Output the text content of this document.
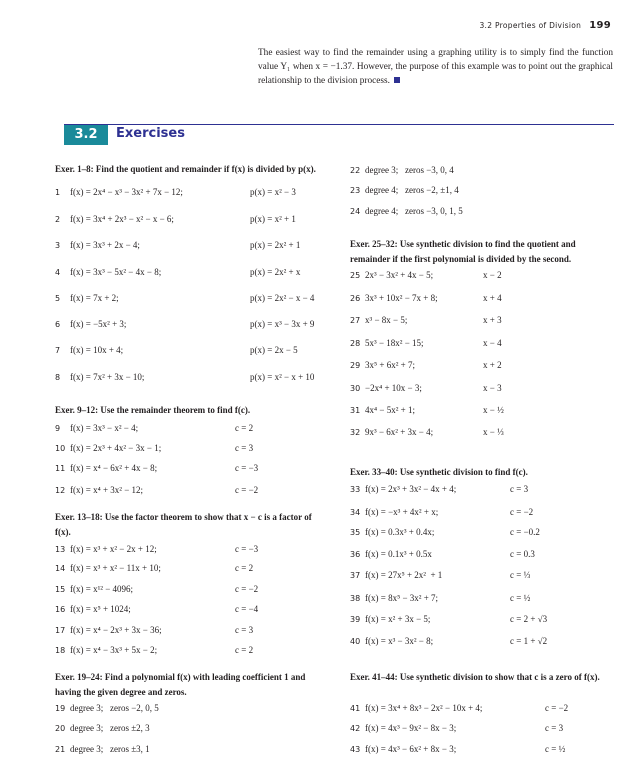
3.2 Properties of Division 199
The easiest way to find the remainder using a graphing utility is to simply find the function value Y₁ when x = −1.37. However, the purpose of this example was to point out the graphical relationship to the division process.
3.2	Exercises
Exer. 1–8: Find the quotient and remainder if f(x) is divided by p(x).
1 f(x) = 2x⁴ − x³ − 3x² + 7x − 12;	p(x) = x² − 3
2 f(x) = 3x⁴ + 2x³ − x² − x − 6;	p(x) = x² + 1
3 f(x) = 3x³ + 2x − 4;	p(x) = 2x² + 1
4 f(x) = 3x³ − 5x² − 4x − 8;	p(x) = 2x² + x
5 f(x) = 7x + 2;	p(x) = 2x² − x − 4
6 f(x) = −5x² + 3;	p(x) = x³ − 3x + 9
7 f(x) = 10x + 4;	p(x) = 2x − 5
8 f(x) = 7x² + 3x − 10;	p(x) = x² − x + 10
Exer. 9–12: Use the remainder theorem to find f(c).
9 f(x) = 3x³ − x² − 4;	c = 2
10 f(x) = 2x³ + 4x² − 3x − 1;	c = 3
11 f(x) = x⁴ − 6x² + 4x − 8;	c = −3
12 f(x) = x⁴ + 3x² − 12;	c = −2
Exer. 13–18: Use the factor theorem to show that x − c is a factor of f(x).
13 f(x) = x³ + x² − 2x + 12;	c = −3
14 f(x) = x³ + x² − 11x + 10;	c = 2
15 f(x) = x¹² − 4096;	c = −2
16 f(x) = x⁵ + 1024;	c = −4
17 f(x) = x⁴ − 2x³ + 3x − 36;	c = 3
18 f(x) = x⁴ − 3x³ + 5x − 2;	c = 2
Exer. 19–24: Find a polynomial f(x) with leading coefficient 1 and having the given degree and zeros.
19 degree 3;   zeros −2, 0, 5
20 degree 3;   zeros ±2, 3
21 degree 3;   zeros ±3, 1
22 degree 3;   zeros −3, 0, 4
23 degree 4;   zeros −2, ±1, 4
24 degree 4;   zeros −3, 0, 1, 5
Exer. 25–32: Use synthetic division to find the quotient and remainder if the first polynomial is divided by the second.
25 2x³ − 3x² + 4x − 5;	x − 2
26 3x³ + 10x² − 7x + 8;	x + 4
27 x³ − 8x − 5;	x + 3
28 5x³ − 18x² − 15;	x − 4
29 3x⁵ + 6x² + 7;	x + 2
30 −2x⁴ + 10x − 3;	x − 3
31 4x⁴ − 5x² + 1;	x − ½
32 9x³ − 6x² + 3x − 4;	x − ⅓
Exer. 33–40: Use synthetic division to find f(c).
33 f(x) = 2x³ + 3x² − 4x + 4;	c = 3
34 f(x) = −x³ + 4x² + x;	c = −2
35 f(x) = 0.3x³ + 0.4x;	c = −0.2
36 f(x) = 0.1x³ + 0.5x	c = 0.3
37 f(x) = 27x⁵ + 2x²  + 1	c = ⅓
38 f(x) = 8x⁵ − 3x² + 7;	c = ½
39 f(x) = x² + 3x − 5;	c = 2 + √3
40 f(x) = x³ − 3x² − 8;	c = 1 + √2
Exer. 41–44: Use synthetic division to show that c is a zero of f(x).
41 f(x) = 3x⁴ + 8x³ − 2x² − 10x + 4;	c = −2
42 f(x) = 4x³ − 9x² − 8x − 3;	c = 3
43 f(x) = 4x³ − 6x² + 8x − 3;	c = ½
